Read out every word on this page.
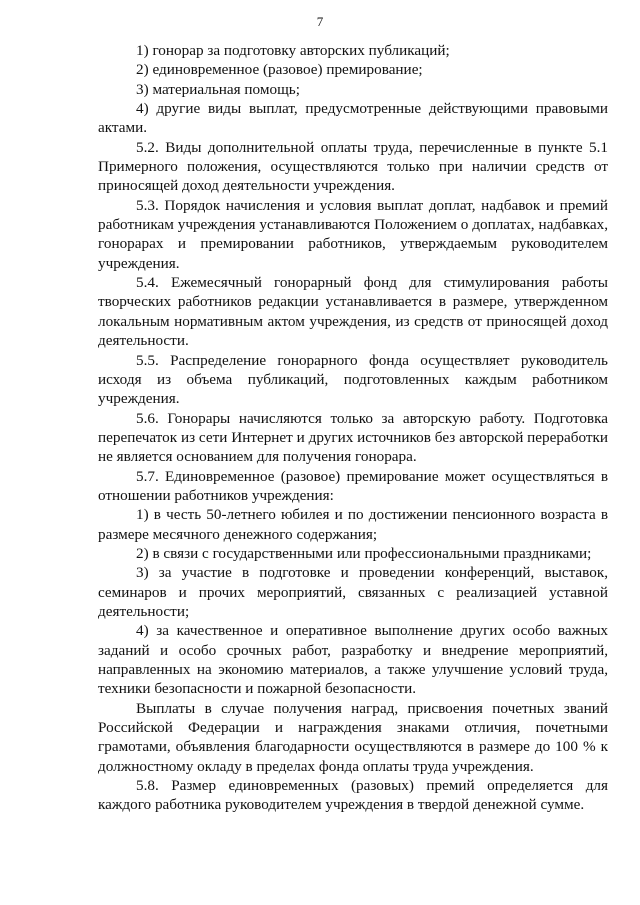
7

1) гонорар за подготовку авторских публикаций;

2) единовременное (разовое) премирование;

3) материальная помощь;

4) другие виды выплат, предусмотренные действующими правовыми актами.

5.2. Виды дополнительной оплаты труда, перечисленные в пункте 5.1 Примерного положения, осуществляются только при наличии средств от приносящей доход деятельности учреждения.

5.3. Порядок начисления и условия выплат доплат, надбавок и премий работникам учреждения устанавливаются Положением о доплатах, надбавках, гонорарах и премировании работников, утверждаемым руководителем учреждения.

5.4. Ежемесячный гонорарный фонд для стимулирования работы творческих работников редакции устанавливается в размере, утвержденном локальным нормативным актом учреждения, из средств от приносящей доход деятельности.

5.5. Распределение гонорарного фонда осуществляет руководитель исходя из объема публикаций, подготовленных каждым работником учреждения.

5.6. Гонорары начисляются только за авторскую работу. Подготовка перепечаток из сети Интернет и других источников без авторской переработки не является основанием для получения гонорара.

5.7. Единовременное (разовое) премирование может осуществляться в отношении работников учреждения:

1) в честь 50-летнего юбилея и по достижении пенсионного возраста в размере месячного денежного содержания;

2) в связи с государственными или профессиональными праздниками;

3) за участие в подготовке и проведении конференций, выставок, семинаров и прочих мероприятий, связанных с реализацией уставной деятельности;

4) за качественное и оперативное выполнение других особо важных заданий и особо срочных работ, разработку и внедрение мероприятий, направленных на экономию материалов, а также улучшение условий труда, техники безопасности и пожарной безопасности.

Выплаты в случае получения наград, присвоения почетных званий Российской Федерации и награждения знаками отличия, почетными грамотами, объявления благодарности осуществляются в размере до 100 % к должностному окладу в пределах фонда оплаты труда учреждения.

5.8. Размер единовременных (разовых) премий определяется для каждого работника руководителем учреждения в твердой денежной сумме.
